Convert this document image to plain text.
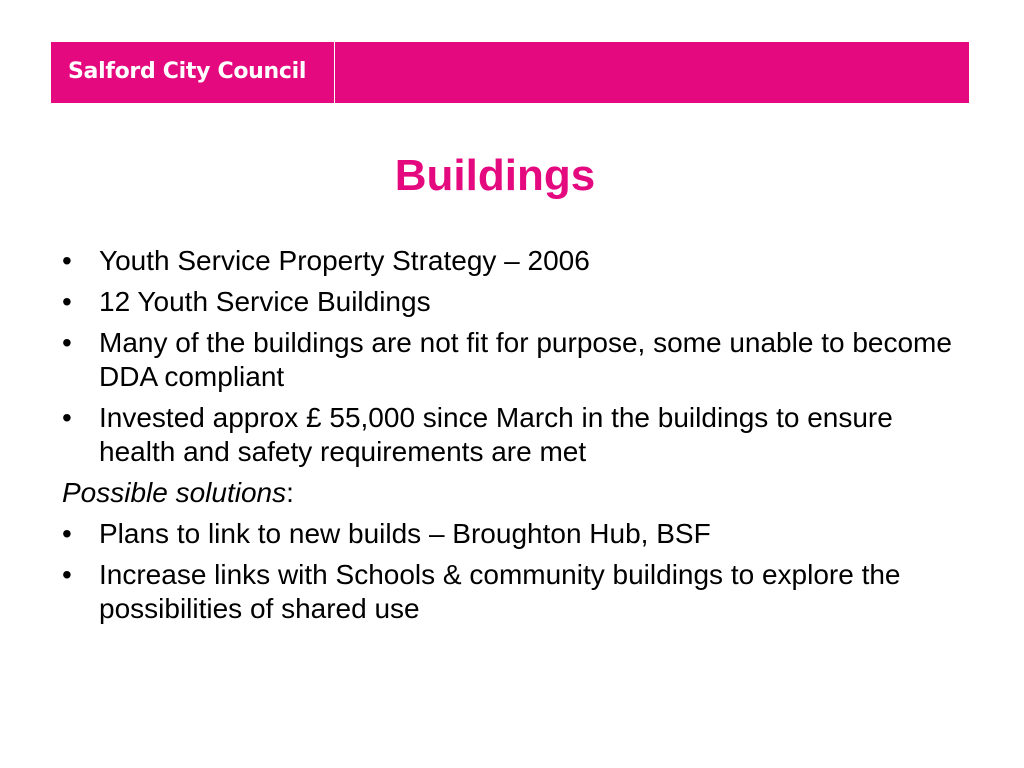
Salford City Council
Buildings
• Youth Service Property Strategy – 2006
• 12 Youth Service Buildings
• Many of the buildings are not fit for purpose, some unable to become DDA compliant
• Invested approx £ 55,000 since March in the buildings to ensure health and safety requirements are met
Possible solutions:
• Plans to link to new builds – Broughton Hub, BSF
• Increase links with Schools & community buildings to explore the possibilities of shared use
